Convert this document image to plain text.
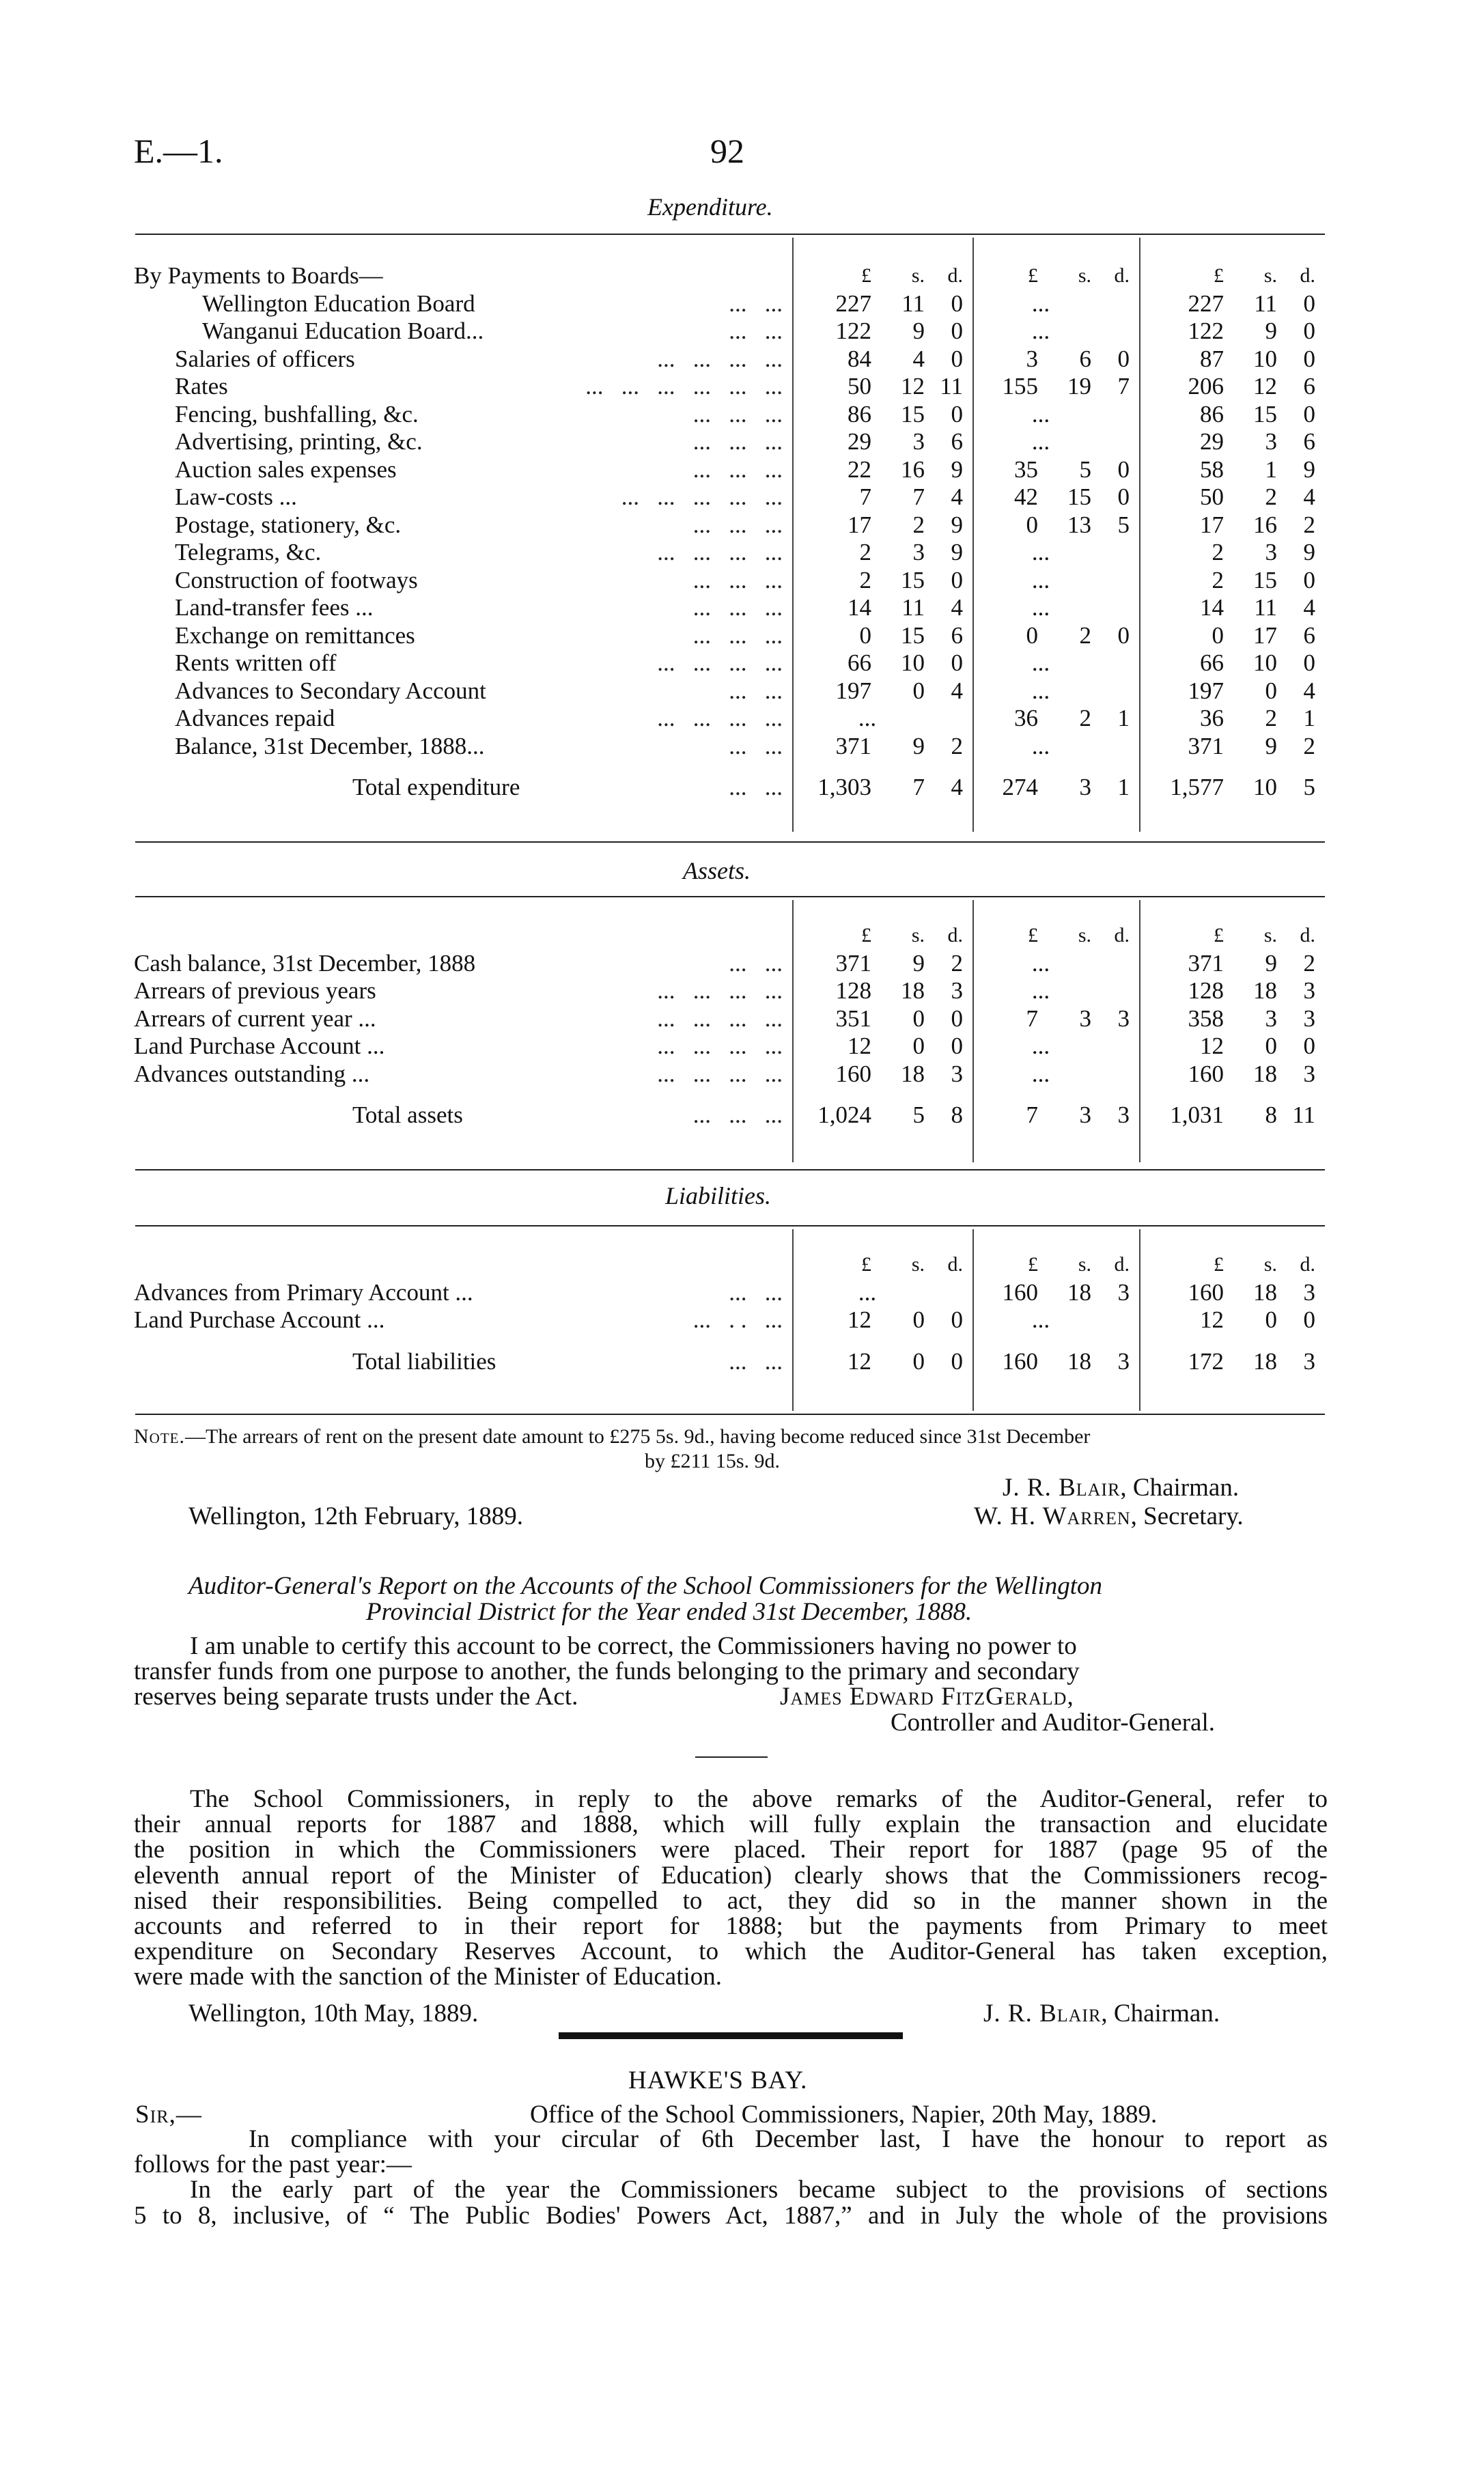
E.—1.	92
Expenditure.
By Payments to Boards—	£ s. d.	£ s. d.	£ s. d.

Wellington Education Board ...   ...	227 11 0	...	227 11 0

Wanganui Education Board... ...   ...	122 9 0	...	122 9 0

Salaries of officers ...   ...   ...   ...	84 4 0	3 6 0	87 10 0

Rates ...   ...   ...   ...   ...   ...	50 12 11	155 19 7	206 12 6

Fencing, bushfalling, &c. ...   ...   ...	86 15 0	...	86 15 0

Advertising, printing, &c. ...   ...   ...	29 3 6	...	29 3 6

Auction sales expenses ...   ...   ...	22 16 9	35 5 0	58 1 9

Law-costs ... ...   ...   ...   ...   ...	7 7 4	42 15 0	50 2 4

Postage, stationery, &c. ...   ...   ...	17 2 9	0 13 5	17 16 2

Telegrams, &c. ...   ...   ...   ...	2 3 9	...	2 3 9

Construction of footways ...   ...   ...	2 15 0	...	2 15 0

Land-transfer fees ... ...   ...   ...	14 11 4	...	14 11 4

Exchange on remittances ...   ...   ...	0 15 6	0 2 0	0 17 6

Rents written off ...   ...   ...   ...	66 10 0	...	66 10 0

Advances to Secondary Account ...   ...	197 0 4	...	197 0 4

Advances repaid ...   ...   ...   ...	...	36 2 1	36 2 1

Balance, 31st December, 1888... ...   ...	371 9 2	...	371 9 2

Total expenditure ...   ...	1,303 7 4	274 3 1	1,577 10 5
Assets.

	£ s. d.	£ s. d.	£ s. d.

Cash balance, 31st December, 1888 ...   ...	371 9 2	...	371 9 2

Arrears of previous years ...   ...   ...   ...	128 18 3	...	128 18 3

Arrears of current year ... ...   ...   ...   ...	351 0 0	7 3 3	358 3 3

Land Purchase Account ... ...   ...   ...   ...	12 0 0	...	12 0 0

Advances outstanding ... ...   ...   ...   ...	160 18 3	...	160 18 3

Total assets ...   ...   ...	1,024 5 8	7 3 3	1,031 8 11
Liabilities.

	£ s. d.	£ s. d.	£ s. d.

Advances from Primary Account ... ...   ...	...	160 18 3	160 18 3

Land Purchase Account ... ...   . .   ...	12 0 0	...	12 0 0

Total liabilities ...   ...	12 0 0	160 18 3	172 18 3
Note.—The arrears of rent on the present date amount to £275 5s. 9d., having become reduced since 31st December
by £211 15s. 9d.
J. R. Blair, Chairman.
Wellington, 12th February, 1889.	W. H. Warren, Secretary.
Auditor-General's Report on the Accounts of the School Commissioners for the Wellington
Provincial District for the Year ended 31st December, 1888.
I am unable to certify this account to be correct, the Commissioners having no power to
transfer funds from one purpose to another, the funds belonging to the primary and secondary
reserves being separate trusts under the Act.	James Edward FitzGerald,
Controller and Auditor-General.
The School Commissioners, in reply to the above remarks of the Auditor-General, refer to
their annual reports for 1887 and 1888, which will fully explain the transaction and elucidate
the position in which the Commissioners were placed. Their report for 1887 (page 95 of the
eleventh annual report of the Minister of Education) clearly shows that the Commissioners recog-
nised their responsibilities. Being compelled to act, they did so in the manner shown in the
accounts and referred to in their report for 1888; but the payments from Primary to meet
expenditure on Secondary Reserves Account, to which the Auditor-General has taken exception,
were made with the sanction of the Minister of Education.
Wellington, 10th May, 1889.	J. R. Blair, Chairman.
HAWKE'S BAY.
Sir,—	Office of the School Commissioners, Napier, 20th May, 1889.
In compliance with your circular of 6th December last, I have the honour to report as
follows for the past year:—
In the early part of the year the Commissioners became subject to the provisions of sections
5 to 8, inclusive, of “ The Public Bodies' Powers Act, 1887,” and in July the whole of the provisions
